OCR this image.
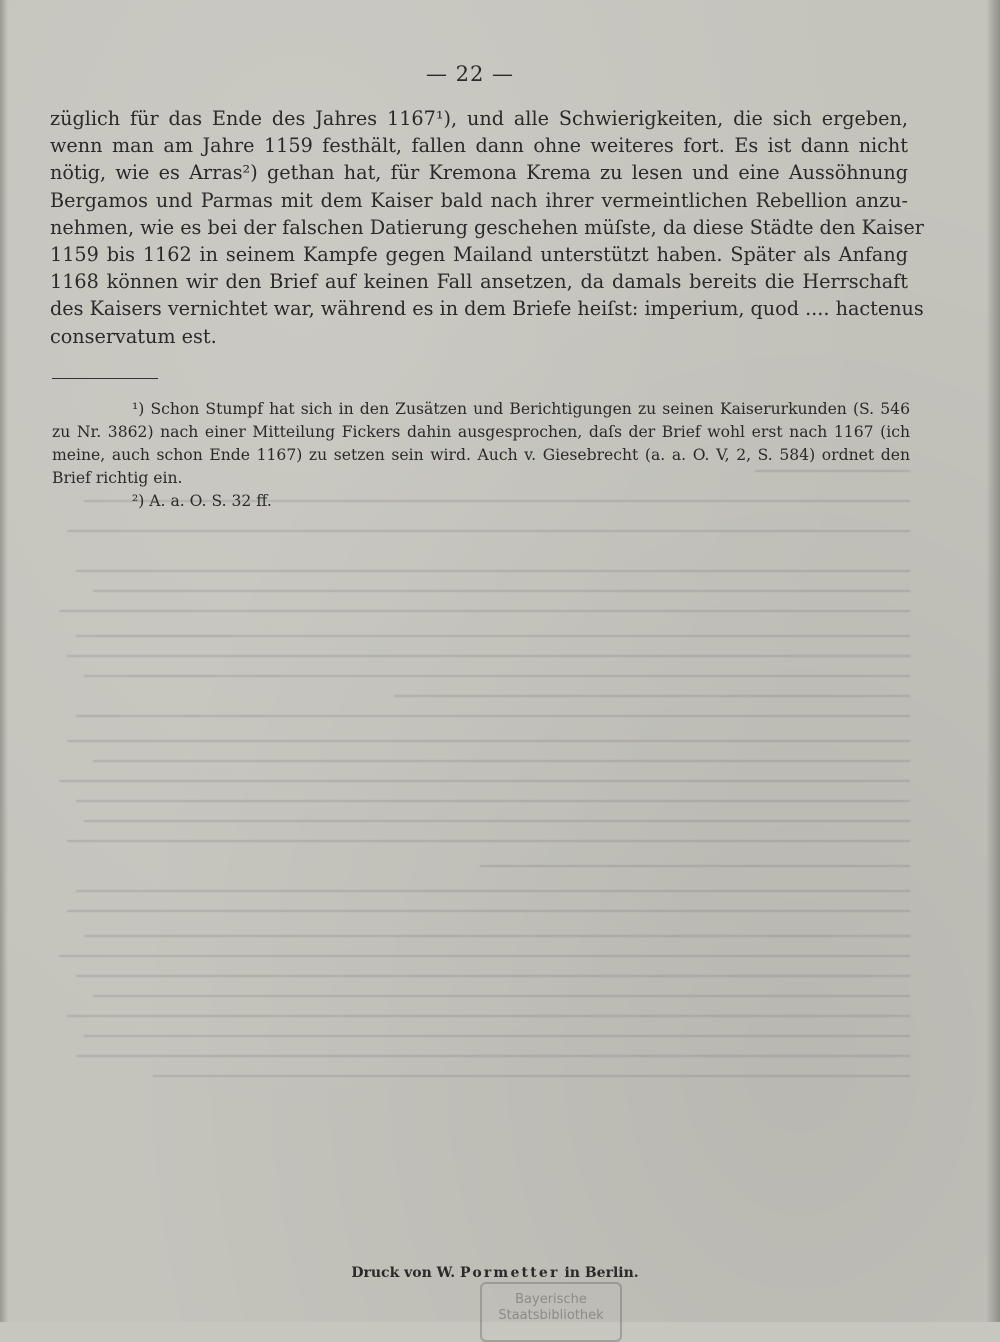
— 22 —
züglich für das Ende des Jahres 1167¹), und alle Schwierigkeiten, die sich ergeben,
wenn man am Jahre 1159 festhält, fallen dann ohne weiteres fort. Es ist dann nicht
nötig, wie es Arras²) gethan hat, für Kremona Krema zu lesen und eine Aussöhnung
Bergamos und Parmas mit dem Kaiser bald nach ihrer vermeintlichen Rebellion anzu-
nehmen, wie es bei der falschen Datierung geschehen müſste, da diese Städte den Kaiser
1159 bis 1162 in seinem Kampfe gegen Mailand unterstützt haben. Später als Anfang
1168 können wir den Brief auf keinen Fall ansetzen, da damals bereits die Herrschaft
des Kaisers vernichtet war, während es in dem Briefe heiſst: imperium, quod .... hactenus
conservatum est.
¹) Schon Stumpf hat sich in den Zusätzen und Berichtigungen zu seinen Kaiserurkunden (S. 546
zu Nr. 3862) nach einer Mitteilung Fickers dahin ausgesprochen, daſs der Brief wohl erst nach 1167 (ich
meine, auch schon Ende 1167) zu setzen sein wird. Auch v. Giesebrecht (a. a. O. V, 2, S. 584) ordnet den
Brief richtig ein.
²) A. a. O. S. 32 ff.
Druck von W. Pormetter in Berlin.
Bayerische
Staatsbibliothek
